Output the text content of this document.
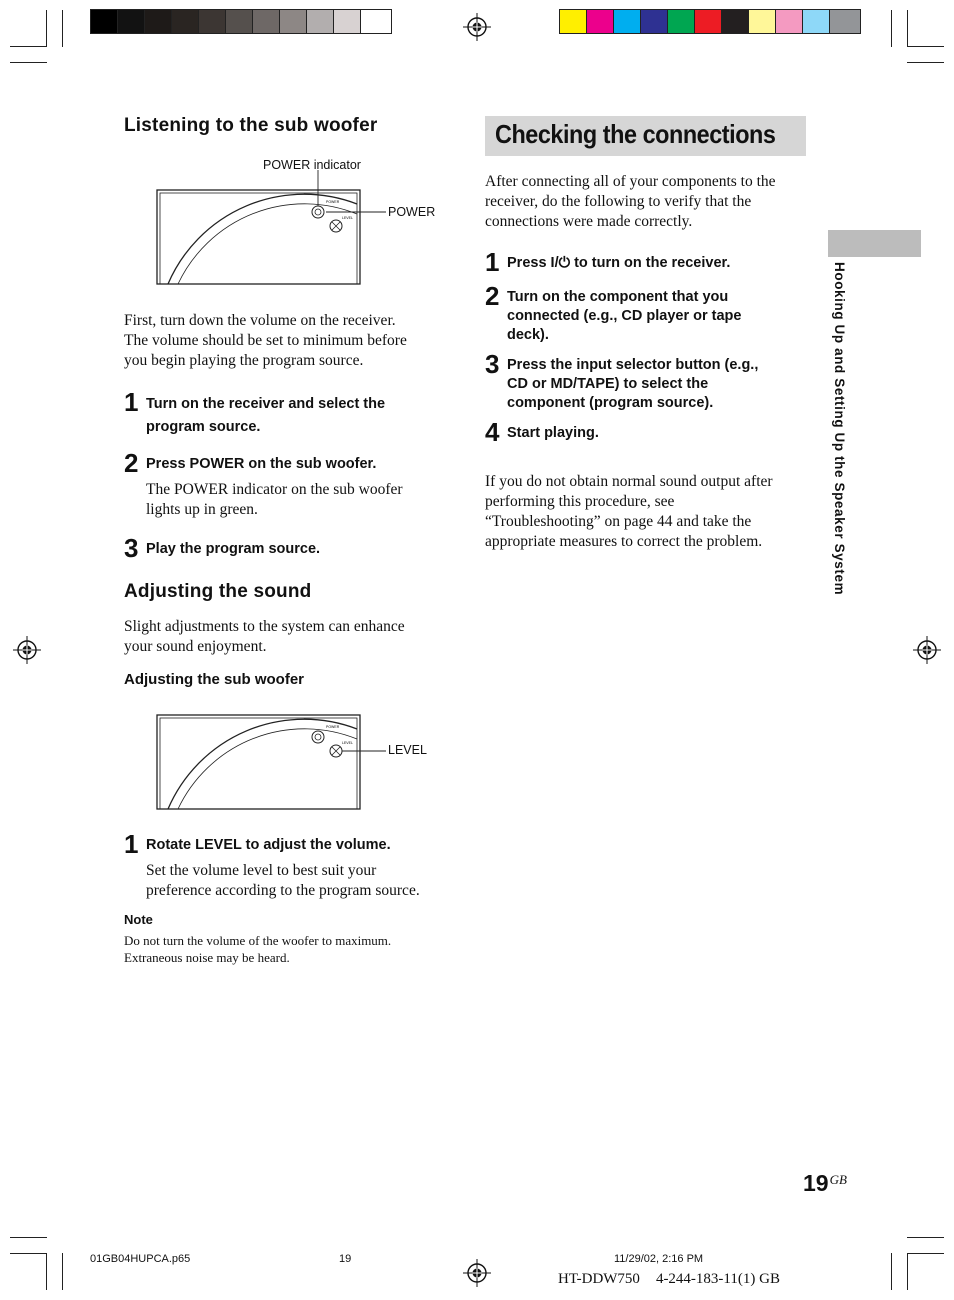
Listening to the sub woofer
POWER indicator
POWER
POWER
LEVEL
First, turn down the volume on the receiver.
The volume should be set to minimum before
you begin playing the program source.
1 Turn on the receiver and select the
program source.
2 Press POWER on the sub woofer.
The POWER indicator on the sub woofer
lights up in green.
3 Play the program source.
Adjusting the sound
Slight adjustments to the system can enhance
your sound enjoyment.
Adjusting the sub woofer
LEVEL
POWER
LEVEL
1 Rotate LEVEL to adjust the volume.
Set the volume level to best suit your
preference according to the program source.
Note
Do not turn the volume of the woofer to maximum.
Extraneous noise may be heard.
Checking the connections
After connecting all of your components to the
receiver, do the following to verify that the
connections were made correctly.
1 Press I/⏻ to turn on the receiver.
2 Turn on the component that you
connected (e.g., CD player or tape
deck).
3 Press the input selector button (e.g.,
CD or MD/TAPE) to select the
component (program source).
4 Start playing.
If you do not obtain normal sound output after
performing this procedure, see
“Troubleshooting” on page 44 and take the
appropriate measures to correct the problem.	Hooking Up and Setting Up the Speaker System
$19^{GB}$
01GB04HUPCA.p65	19	11/29/02, 2:16 PM
HT-DDW750 4-244-183-11(1) GB
